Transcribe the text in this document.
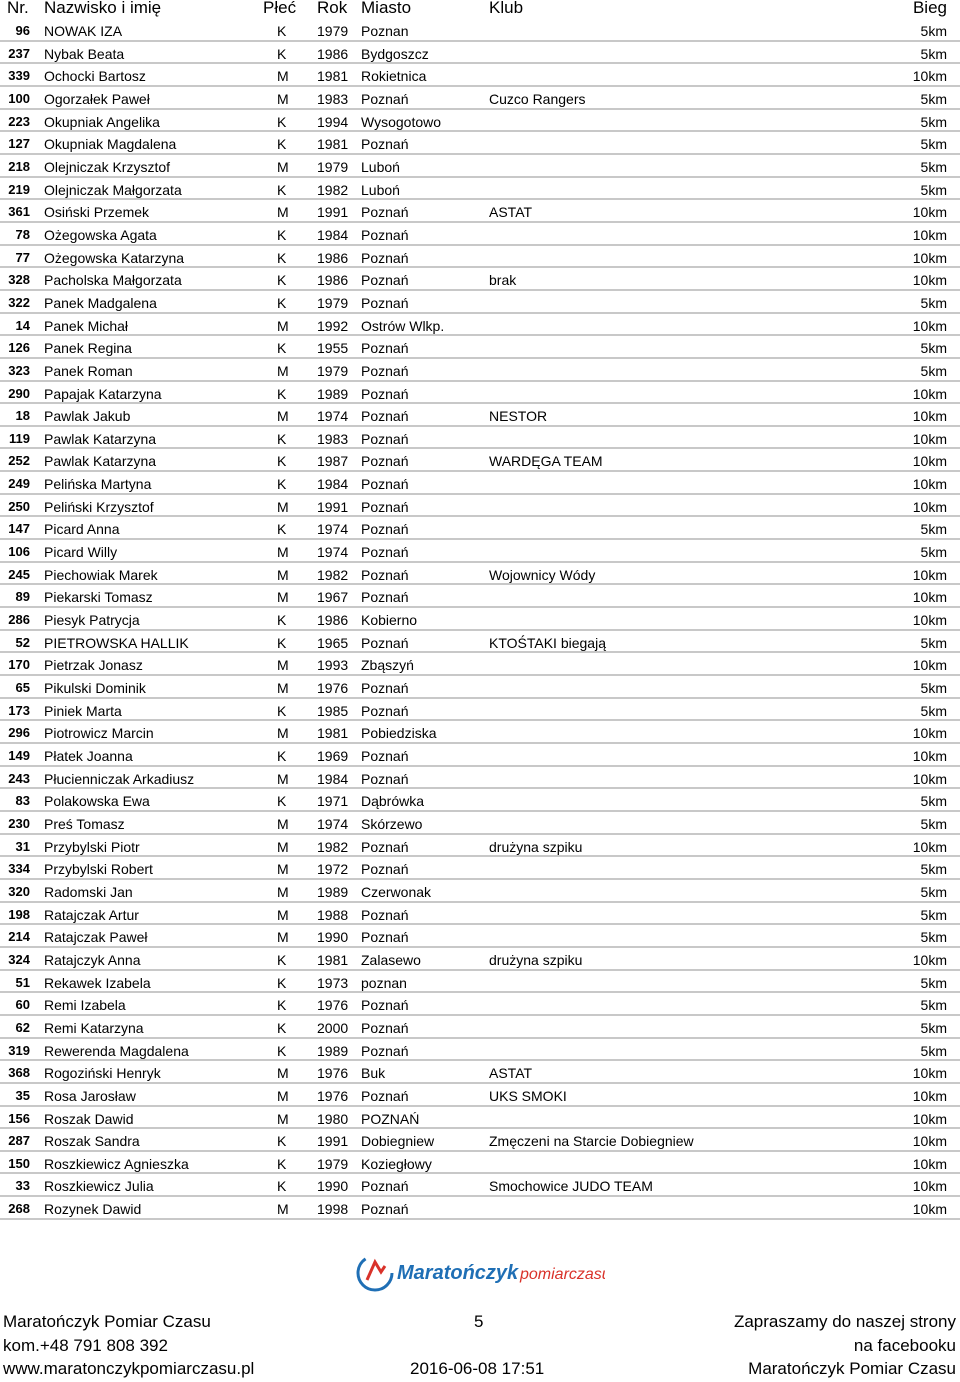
Nr. Nazwisko i imię	Płeć Rok Miasto	Klub	Bieg
96 NOWAK IZA	K 1979 Poznan	5km
237 Nybak Beata	K 1986 Bydgoszcz	5km
339 Ochocki Bartosz	M 1981 Rokietnica	10km
100 Ogorzałek Paweł	M 1983 Poznań	Cuzco Rangers	5km
223 Okupniak Angelika	K 1994 Wysogotowo	5km
127 Okupniak Magdalena	K 1981 Poznań	5km
218 Olejniczak Krzysztof	M 1979 Luboń	5km
219 Olejniczak Małgorzata	K 1982 Luboń	5km
361 Osiński Przemek	M 1991 Poznań	ASTAT	10km
78 Ożegowska Agata	K 1984 Poznań	10km
77 Ożegowska Katarzyna	K 1986 Poznań	10km
328 Pacholska Małgorzata	K 1986 Poznań	brak	10km
322 Panek Madgalena	K 1979 Poznań	5km
14 Panek Michał	M 1992 Ostrów Wlkp.	10km
126 Panek Regina	K 1955 Poznań	5km
323 Panek Roman	M 1979 Poznań	5km
290 Papajak Katarzyna	K 1989 Poznań	10km
18 Pawlak Jakub	M 1974 Poznań	NESTOR	10km
119 Pawlak Katarzyna	K 1983 Poznań	10km
252 Pawlak Katarzyna	K 1987 Poznań	WARDĘGA TEAM	10km
249 Pelińska Martyna	K 1984 Poznań	10km
250 Peliński Krzysztof	M 1991 Poznań	10km
147 Picard Anna	K 1974 Poznań	5km
106 Picard Willy	M 1974 Poznań	5km
245 Piechowiak Marek	M 1982 Poznań	Wojownicy Wódy	10km
89 Piekarski Tomasz	M 1967 Poznań	10km
286 Piesyk Patrycja	K 1986 Kobierno	10km
52 PIETROWSKA HALLIK	K 1965 Poznań	KTOŚTAKI biegają	5km
170 Pietrzak Jonasz	M 1993 Zbąszyń	10km
65 Pikulski Dominik	M 1976 Poznań	5km
173 Piniek Marta	K 1985 Poznań	5km
296 Piotrowicz Marcin	M 1981 Pobiedziska	10km
149 Płatek Joanna	K 1969 Poznań	10km
243 Płucienniczak Arkadiusz	M 1984 Poznań	10km
83 Polakowska Ewa	K 1971 Dąbrówka	5km
230 Preś Tomasz	M 1974 Skórzewo	5km
31 Przybylski Piotr	M 1982 Poznań	drużyna szpiku	10km
334 Przybylski Robert	M 1972 Poznań	5km
320 Radomski Jan	M 1989 Czerwonak	5km
198 Ratajczak Artur	M 1988 Poznań	5km
214 Ratajczak Paweł	M 1990 Poznań	5km
324 Ratajczyk Anna	K 1981 Zalasewo	drużyna szpiku	10km
51 Rekawek Izabela	K 1973 poznan	5km
60 Remi Izabela	K 1976 Poznań	5km
62 Remi Katarzyna	K 2000 Poznań	5km
319 Rewerenda Magdalena	K 1989 Poznań	5km
368 Rogoziński Henryk	M 1976 Buk	ASTAT	10km
35 Rosa Jarosław	M 1976 Poznań	UKS SMOKI	10km
156 Roszak Dawid	M 1980 POZNAŃ	10km
287 Roszak Sandra	K 1991 Dobiegniew	Zmęczeni na Starcie Dobiegniew	10km
150 Roszkiewicz Agnieszka	K 1979 Koziegłowy	10km
33 Roszkiewicz Julia	K 1990 Poznań	Smochowice JUDO TEAM	10km
268 Rozynek Dawid	M 1998 Poznań	10km
Maratończyk pomiarczasu
Maratończyk Pomiar Czasu
kom.+48 791 808 392
www.maratonczykpomiarczasu.pl
5
2016-06-08 17:51
Zapraszamy do naszej strony
na facebooku
Maratończyk Pomiar Czasu
